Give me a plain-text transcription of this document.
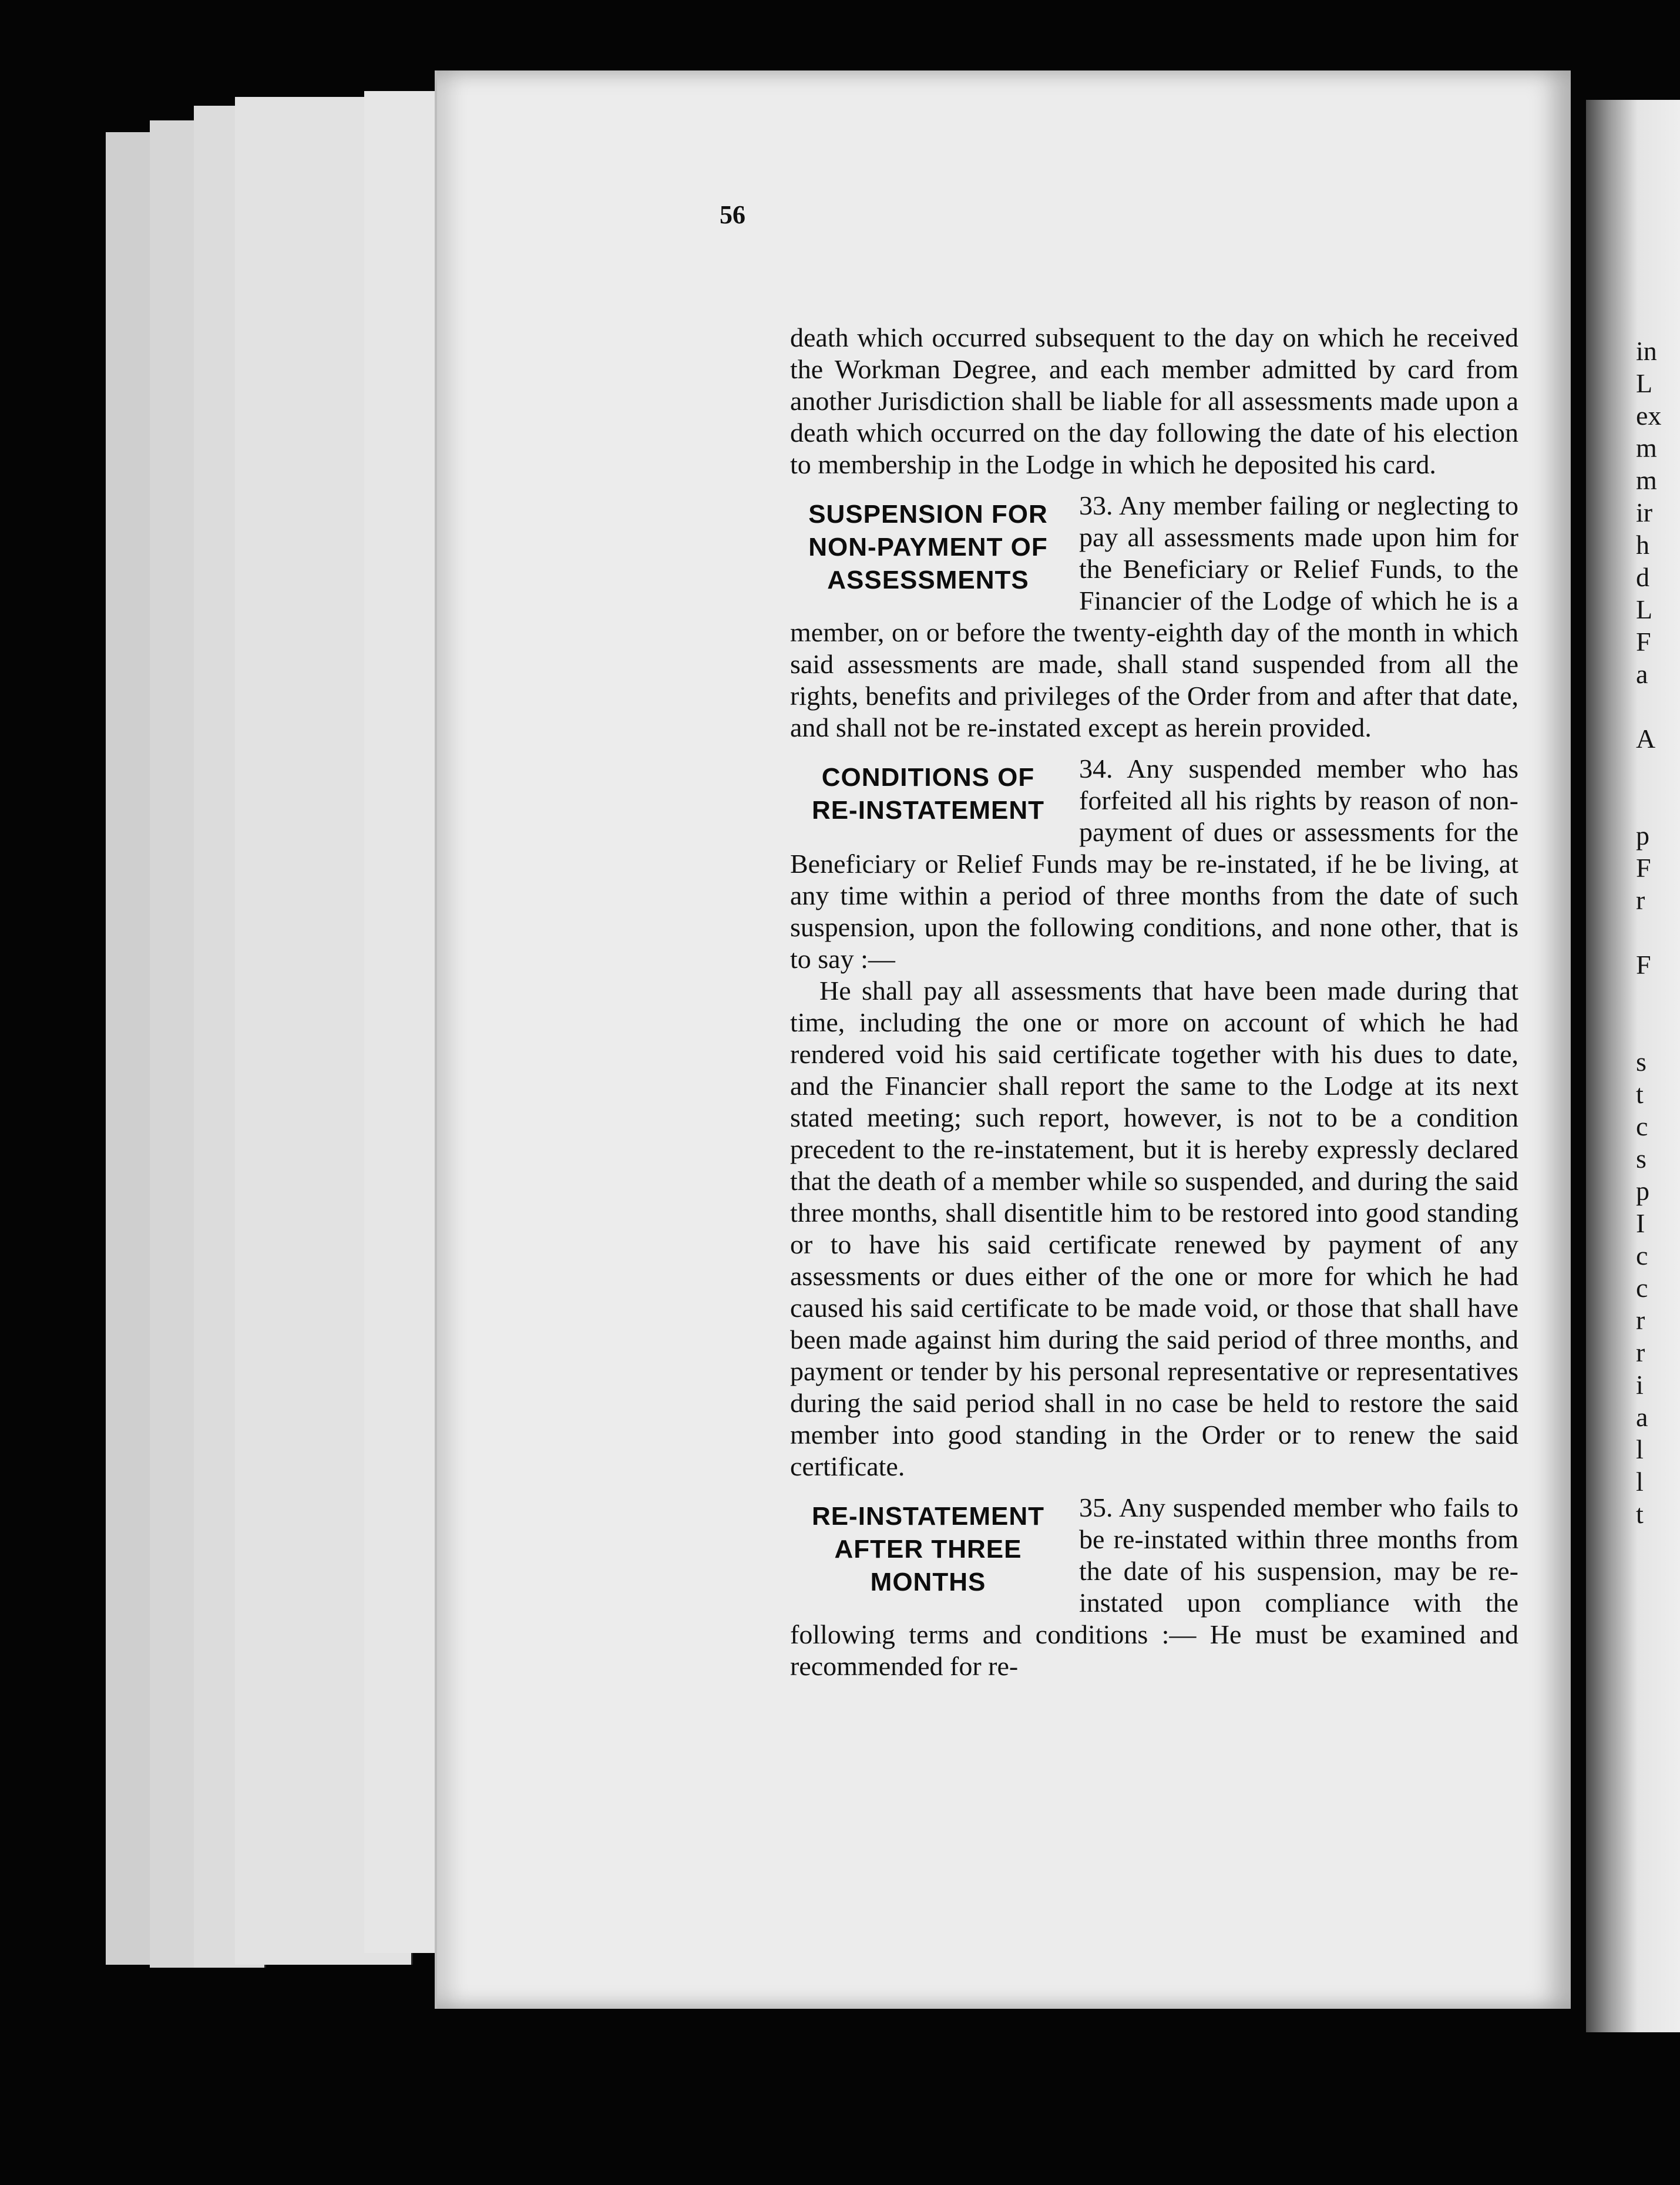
in
L
ex
m
m
ir
h
d
L
F
a
A
p
F
r
F
s
t
c
s
p
I
c
c
r
r
i
a
l
l
t
56

death which occurred subsequent to the day on which he received the Workman Degree, and each member admitted by card from another Jurisdiction shall be liable for all assessments made upon a death which occurred on the day following the date of his election to membership in the Lodge in which he deposited his card.

SUSPENSION FOR
NON-PAYMENT OF
ASSESSMENTS

33. Any member failing or neglecting to pay all assessments made upon him for the Beneficiary or Relief Funds, to the Financier of the Lodge of which he is a member, on or before the twenty-eighth day of the month in which said assessments are made, shall stand suspended from all the rights, benefits and privileges of the Order from and after that date, and shall not be re-instated except as herein provided.

CONDITIONS OF
RE-INSTATEMENT

34. Any suspended member who has forfeited all his rights by reason of non-payment of dues or assessments for the Beneficiary or Relief Funds may be re-instated, if he be living, at any time within a period of three months from the date of such suspension, upon the following conditions, and none other, that is to say :—

He shall pay all assessments that have been made during that time, including the one or more on account of which he had rendered void his said certificate together with his dues to date, and the Financier shall report the same to the Lodge at its next stated meeting; such report, however, is not to be a condition precedent to the re-instatement, but it is hereby expressly declared that the death of a member while so suspended, and during the said three months, shall disentitle him to be restored into good standing or to have his said certificate renewed by payment of any assessments or dues either of the one or more for which he had caused his said certificate to be made void, or those that shall have been made against him during the said period of three months, and payment or tender by his personal representative or representatives during the said period shall in no case be held to restore the said member into good standing in the Order or to renew the said certificate.

RE-INSTATEMENT
AFTER THREE
MONTHS

35. Any suspended member who fails to be re-instated within three months from the date of his suspension, may be re-instated upon compliance with the following terms and conditions :— He must be examined and recommended for re-
